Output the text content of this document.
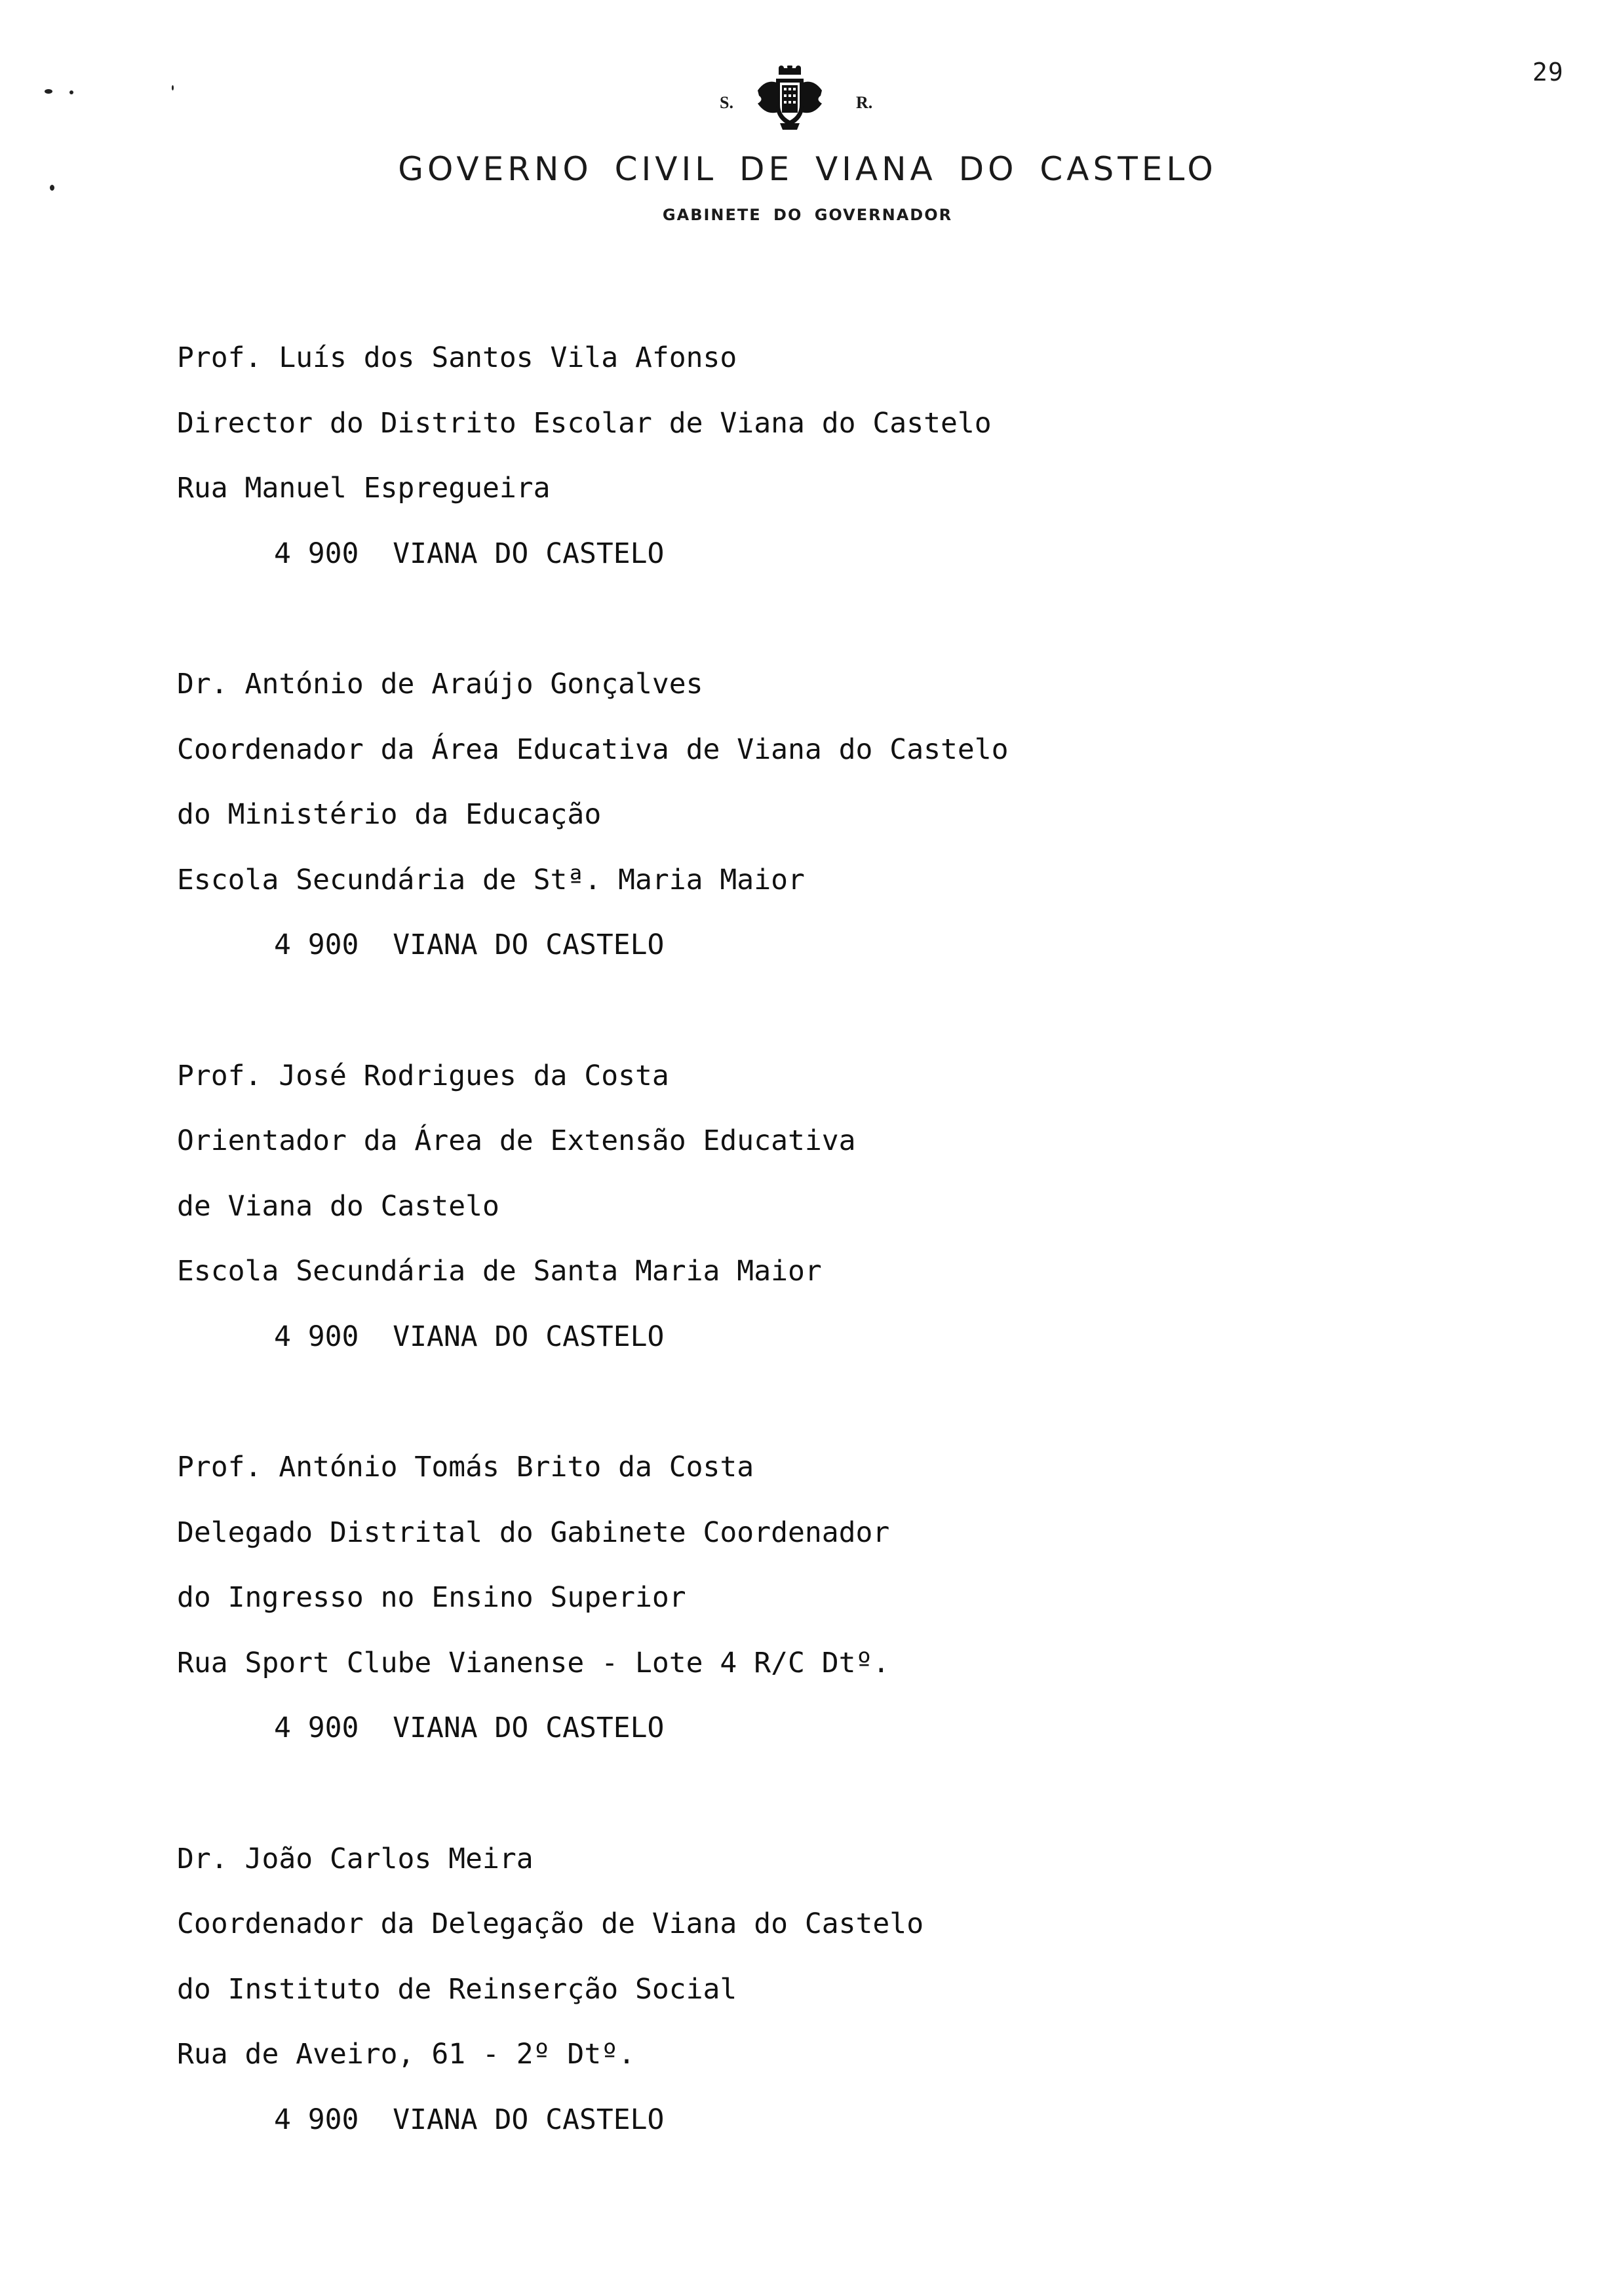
29
S.	R.
GOVERNO CIVIL DE VIANA DO CASTELO
GABINETE DO GOVERNADOR
Prof. Luís dos Santos Vila Afonso
Director do Distrito Escolar de Viana do Castelo
Rua Manuel Espregueira
4 900  VIANA DO CASTELO
Dr. António de Araújo Gonçalves
Coordenador da Área Educativa de Viana do Castelo
do Ministério da Educação
Escola Secundária de Stª. Maria Maior
4 900  VIANA DO CASTELO
Prof. José Rodrigues da Costa
Orientador da Área de Extensão Educativa
de Viana do Castelo
Escola Secundária de Santa Maria Maior
4 900  VIANA DO CASTELO
Prof. António Tomás Brito da Costa
Delegado Distrital do Gabinete Coordenador
do Ingresso no Ensino Superior
Rua Sport Clube Vianense - Lote 4 R/C Dtº.
4 900  VIANA DO CASTELO
Dr. João Carlos Meira
Coordenador da Delegação de Viana do Castelo
do Instituto de Reinserção Social
Rua de Aveiro, 61 - 2º Dtº.
4 900  VIANA DO CASTELO
